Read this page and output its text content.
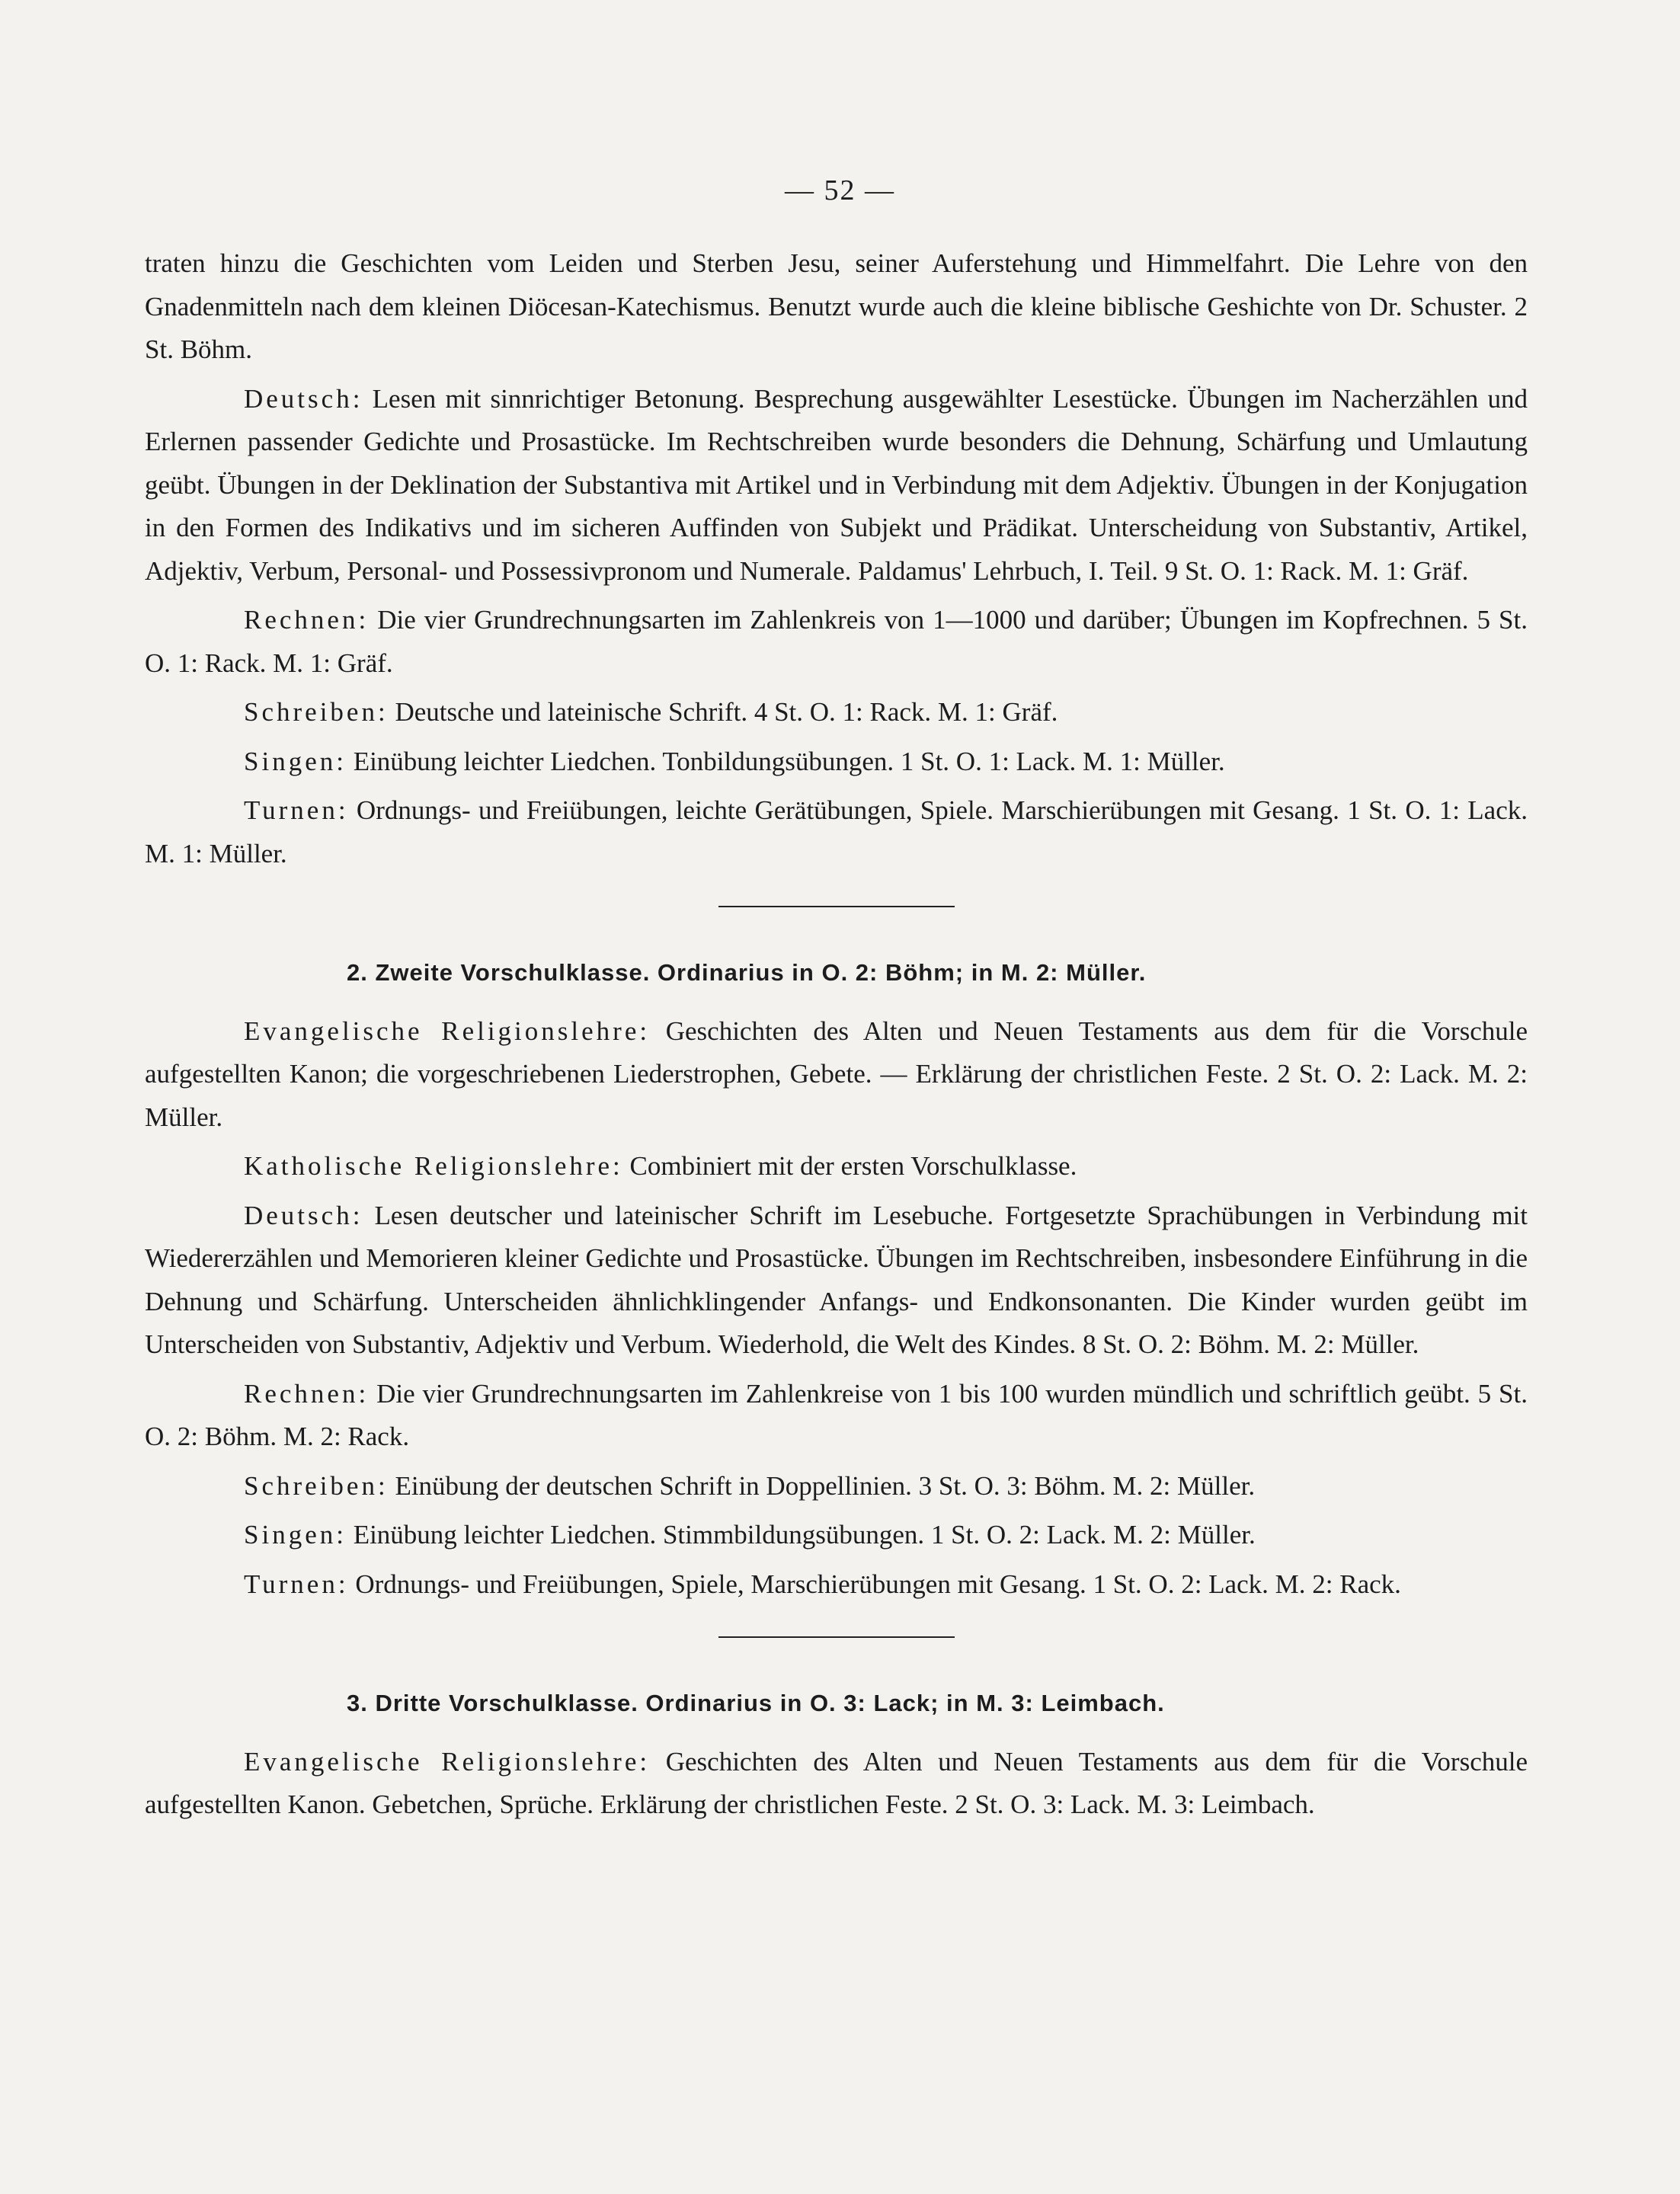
— 52 —

traten hinzu die Geschichten vom Leiden und Sterben Jesu, seiner Auferstehung und Himmelfahrt. Die Lehre von den Gnadenmitteln nach dem kleinen Diöcesan-Katechismus. Benutzt wurde auch die kleine biblische Geshichte von Dr. Schuster. 2 St. Böhm.

Deutsch: Lesen mit sinnrichtiger Betonung. Besprechung ausgewählter Lesestücke. Übungen im Nacherzählen und Erlernen passender Gedichte und Prosastücke. Im Rechtschreiben wurde besonders die Dehnung, Schärfung und Umlautung geübt. Übungen in der Deklination der Substantiva mit Artikel und in Verbindung mit dem Adjektiv. Übungen in der Konjugation in den Formen des Indikativs und im sicheren Auffinden von Subjekt und Prädikat. Unterscheidung von Substantiv, Artikel, Adjektiv, Verbum, Personal- und Possessivpronom und Numerale. Paldamus' Lehrbuch, I. Teil. 9 St. O. 1: Rack. M. 1: Gräf.

Rechnen: Die vier Grundrechnungsarten im Zahlenkreis von 1—1000 und darüber; Übungen im Kopfrechnen. 5 St. O. 1: Rack. M. 1: Gräf.

Schreiben: Deutsche und lateinische Schrift. 4 St. O. 1: Rack. M. 1: Gräf.

Singen: Einübung leichter Liedchen. Tonbildungsübungen. 1 St. O. 1: Lack. M. 1: Müller.

Turnen: Ordnungs- und Freiübungen, leichte Gerätübungen, Spiele. Marschierübungen mit Gesang. 1 St. O. 1: Lack. M. 1: Müller.

2. Zweite Vorschulklasse. Ordinarius in O. 2: Böhm; in M. 2: Müller.

Evangelische Religionslehre: Geschichten des Alten und Neuen Testaments aus dem für die Vorschule aufgestellten Kanon; die vorgeschriebenen Liederstrophen, Gebete. — Erklärung der christlichen Feste. 2 St. O. 2: Lack. M. 2: Müller.

Katholische Religionslehre: Combiniert mit der ersten Vorschulklasse.

Deutsch: Lesen deutscher und lateinischer Schrift im Lesebuche. Fortgesetzte Sprachübungen in Verbindung mit Wiedererzählen und Memorieren kleiner Gedichte und Prosastücke. Übungen im Rechtschreiben, insbesondere Einführung in die Dehnung und Schärfung. Unterscheiden ähnlichklingender Anfangs- und Endkonsonanten. Die Kinder wurden geübt im Unterscheiden von Substantiv, Adjektiv und Verbum. Wiederhold, die Welt des Kindes. 8 St. O. 2: Böhm. M. 2: Müller.

Rechnen: Die vier Grundrechnungsarten im Zahlenkreise von 1 bis 100 wurden mündlich und schriftlich geübt. 5 St. O. 2: Böhm. M. 2: Rack.

Schreiben: Einübung der deutschen Schrift in Doppellinien. 3 St. O. 3: Böhm. M. 2: Müller.

Singen: Einübung leichter Liedchen. Stimmbildungsübungen. 1 St. O. 2: Lack. M. 2: Müller.

Turnen: Ordnungs- und Freiübungen, Spiele, Marschierübungen mit Gesang. 1 St. O. 2: Lack. M. 2: Rack.

3. Dritte Vorschulklasse. Ordinarius in O. 3: Lack; in M. 3: Leimbach.

Evangelische Religionslehre: Geschichten des Alten und Neuen Testaments aus dem für die Vorschule aufgestellten Kanon. Gebetchen, Sprüche. Erklärung der christlichen Feste. 2 St. O. 3: Lack. M. 3: Leimbach.
